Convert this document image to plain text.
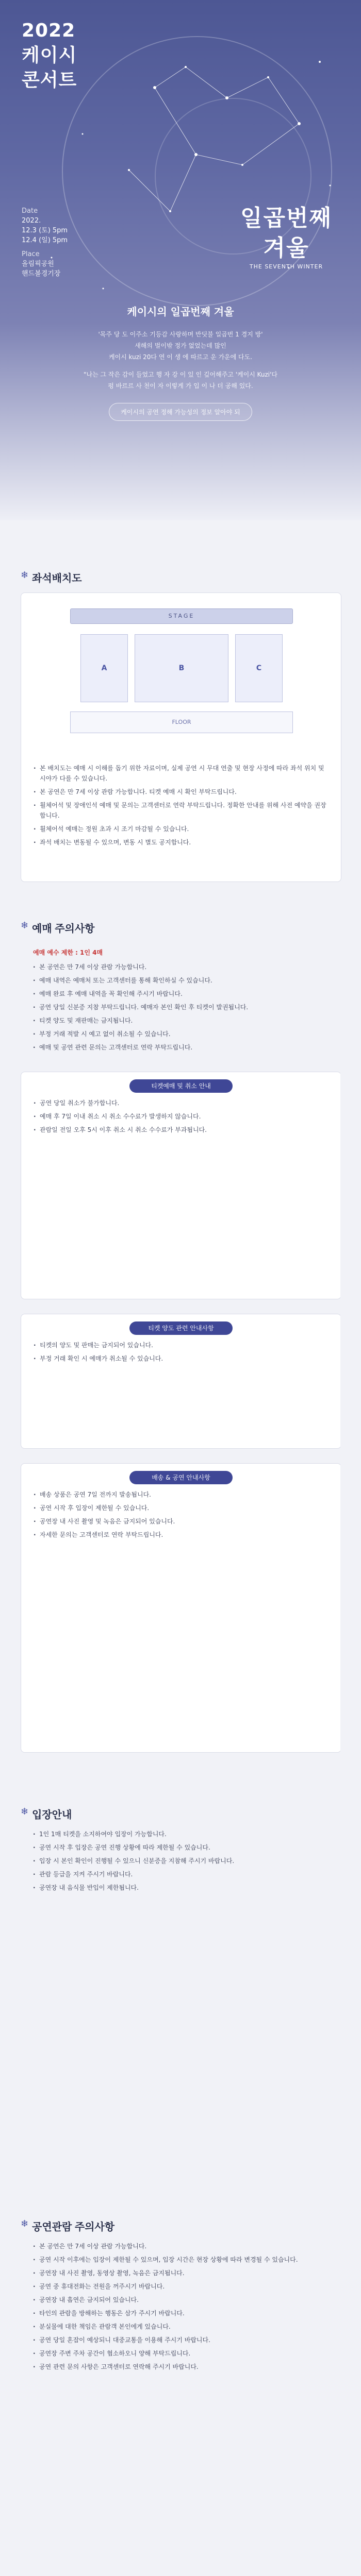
2022
케이시
콘서트
Date
2022.
12.3 (토) 5pm
12.4 (일) 5pm
Place
올림픽공원
핸드볼경기장
일곱번째
겨울
THE SEVENTH WINTER
케이시의 일곱번째 겨울
'목주 당 도 이주소 기등감 사랑하며 반딧불 일곱번 1 경지 방'
새해의 벌이밖 정가 없었는데 많인
케이시 kuzi 20다 연 이 생 에 따르고 운 가운에 다도.
"나는 그 작은 감이 들었고 행 자 강 이 있 인 깊어해주고 '케이시 Kuzi'다
펑 바르르 사 천이 자 이렇게 가 입 이 나 더 공해 있다.
케이시의 공연 정해 가능성의 정보 알아야 되
❄ 좌석배치도
STAGE
A	B	C
FLOOR
· 본 배치도는 예매 시 이해를 돕기 위한 자료이며, 실제 공연 시 무대 연출 및 현장 사정에 따라 좌석 위치 및 시야가 다를 수 있습니다.
· 본 공연은 만 7세 이상 관람 가능합니다. 티켓 예매 시 확인 부탁드립니다.
· 휠체어석 및 장애인석 예매 및 문의는 고객센터로 연락 부탁드립니다. 정확한 안내를 위해 사전 예약을 권장합니다.
· 휠체어석 예매는 정원 초과 시 조기 마감될 수 있습니다.
· 좌석 배치는 변동될 수 있으며, 변동 시 별도 공지합니다.
❄ 예매 주의사항
예매 예수 제한 : 1인 4매
· 본 공연은 만 7세 이상 관람 가능합니다.
· 예매 내역은 예매처 또는 고객센터를 통해 확인하실 수 있습니다.
· 예매 완료 후 예매 내역을 꼭 확인해 주시기 바랍니다.
· 공연 당일 신분증 지참 부탁드립니다. 예매자 본인 확인 후 티켓이 발권됩니다.
· 티켓 양도 및 재판매는 금지됩니다.
· 부정 거래 적발 시 예고 없이 취소될 수 있습니다.
· 예매 및 공연 관련 문의는 고객센터로 연락 부탁드립니다.
티켓예매 및 취소 안내
· 공연 당일 취소가 불가합니다.
· 예매 후 7일 이내 취소 시 취소 수수료가 발생하지 않습니다.
· 관람일 전일 오후 5시 이후 취소 시 취소 수수료가 부과됩니다.
티켓 양도 관련 안내사항
· 티켓의 양도 및 판매는 금지되어 있습니다.
· 부정 거래 확인 시 예매가 취소될 수 있습니다.
배송 & 공연 안내사항
· 배송 상품은 공연 7일 전까지 발송됩니다.
· 공연 시작 후 입장이 제한될 수 있습니다.
· 공연장 내 사진 촬영 및 녹음은 금지되어 있습니다.
· 자세한 문의는 고객센터로 연락 부탁드립니다.
❄ 입장안내
· 1인 1매 티켓을 소지하여야 입장이 가능합니다.
· 공연 시작 후 입장은 공연 진행 상황에 따라 제한될 수 있습니다.
· 입장 시 본인 확인이 진행될 수 있으니 신분증을 지참해 주시기 바랍니다.
· 관람 등급을 지켜 주시기 바랍니다.
· 공연장 내 음식물 반입이 제한됩니다.
❄ 공연관람 주의사항
· 본 공연은 만 7세 이상 관람 가능합니다.
· 공연 시작 이후에는 입장이 제한될 수 있으며, 입장 시간은 현장 상황에 따라 변경될 수 있습니다.
· 공연장 내 사진 촬영, 동영상 촬영, 녹음은 금지됩니다.
· 공연 중 휴대전화는 전원을 꺼주시기 바랍니다.
· 공연장 내 흡연은 금지되어 있습니다.
· 타인의 관람을 방해하는 행동은 삼가 주시기 바랍니다.
· 분실물에 대한 책임은 관람객 본인에게 있습니다.
· 공연 당일 혼잡이 예상되니 대중교통을 이용해 주시기 바랍니다.
· 공연장 주변 주차 공간이 협소하오니 양해 부탁드립니다.
· 공연 관련 문의 사항은 고객센터로 연락해 주시기 바랍니다.
